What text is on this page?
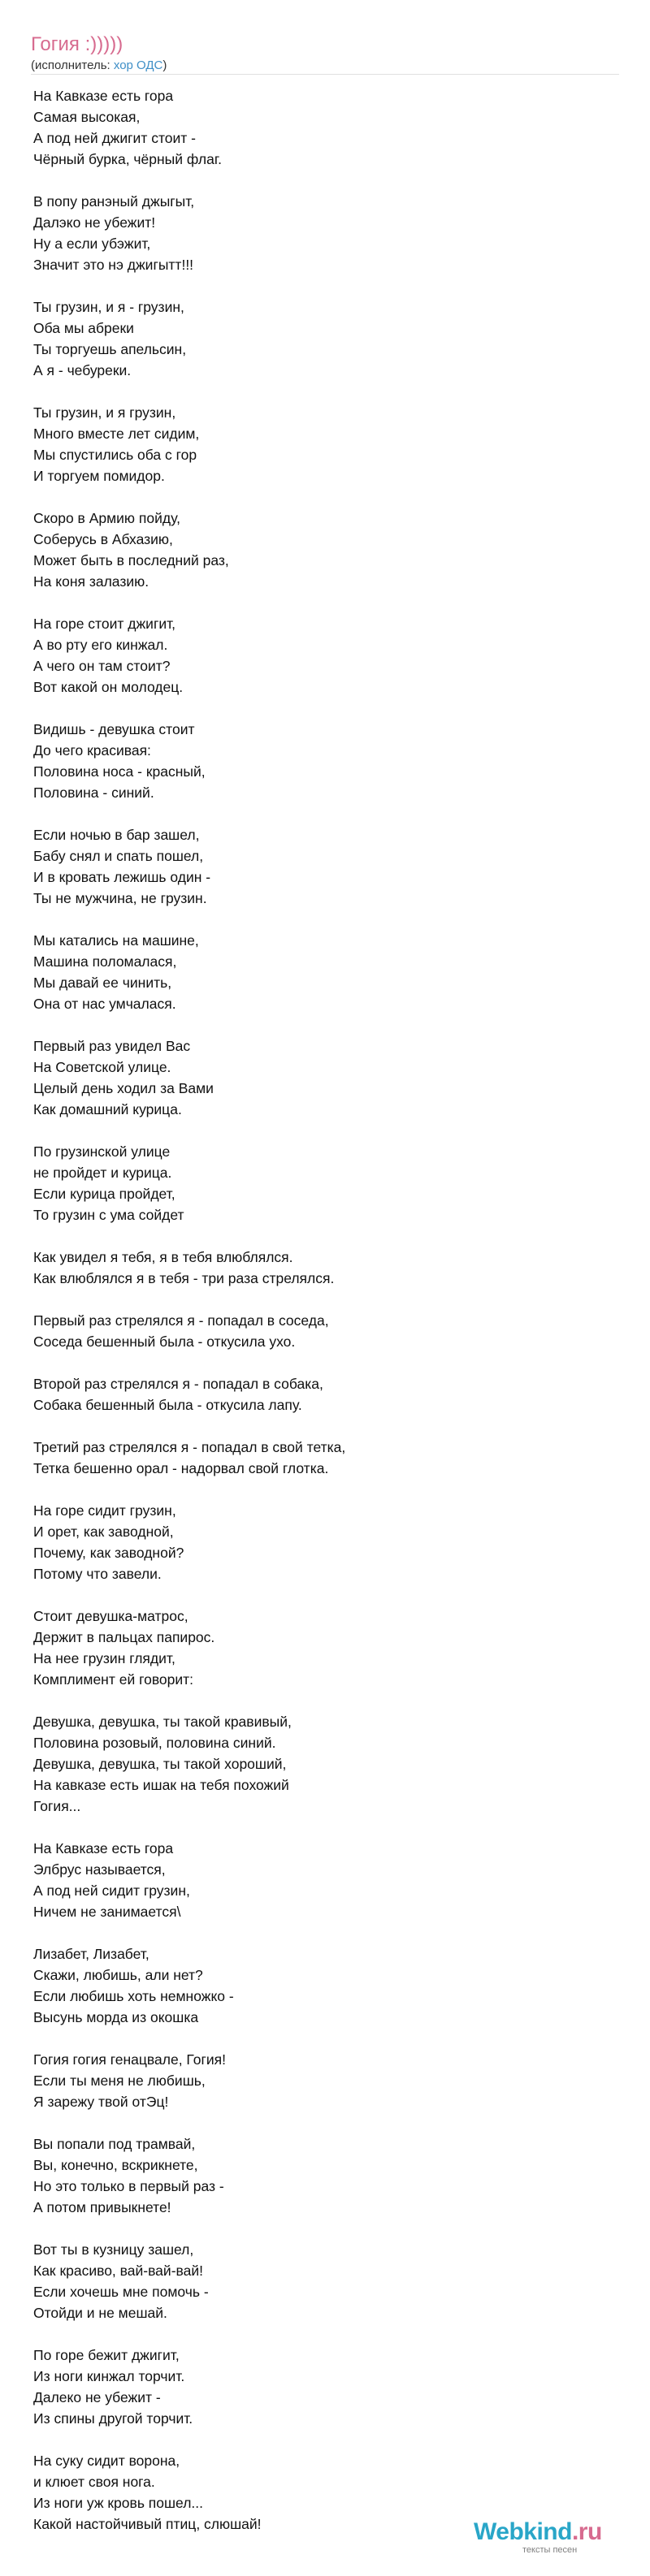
Гогия :)))))
(исполнитель: хор ОДС)
На Кавказе есть гора
Самая высокая,
А под ней джигит стоит -
Чёрный бурка, чёрный флаг.
В попу ранэный джыгыт,
Далэко не убежит!
Ну а если убэжит,
Значит это нэ джигытт!!!
Ты грузин, и я - грузин,
Оба мы абреки
Ты торгуешь апельсин,
А я - чебуреки.
Ты грузин, и я грузин,
Много вместе лет сидим,
Мы спустились оба с гор
И торгуем помидор.
Скоро в Армию пойду,
Соберусь в Абхазию,
Может быть в последний раз,
На коня залазию.
На горе стоит джигит,
А во рту его кинжал.
А чего он там стоит?
Вот какой он молодец.
Видишь - девушка стоит
До чего красивая:
Половина носа - красный,
Половина - синий.
Если ночью в бар зашел,
Бабу снял и спать пошел,
И в кровать лежишь один -
Ты не мужчина, не грузин.
Мы катались на машине,
Машина поломалася,
Мы давай ее чинить,
Она от нас умчалася.
Первый раз увидел Вас
На Советской улице.
Целый день ходил за Вами
Как домашний курица.
По грузинской улице
не пройдет и курица.
Если курица пройдет,
То грузин с ума сойдет
Как увидел я тебя, я в тебя влюблялся.
Как влюблялся я в тебя - три раза стрелялся.
Первый раз стрелялся я - попадал в соседа,
Соседа бешенный была - откусила ухо.
Второй раз стрелялся я - попадал в собака,
Собака бешенный была - откусила лапу.
Третий раз стрелялся я - попадал в свой тетка,
Тетка бешенно орал - надорвал свой глотка.
На горе сидит грузин,
И орет, как заводной,
Почему, как заводной?
Потому что завели.
Стоит девушка-матрос,
Держит в пальцах папирос.
На нее грузин глядит,
Комплимент ей говорит:
Девушка, девушка, ты такой кравивый,
Половина розовый, половина синий.
Девушка, девушка, ты такой хороший,
На кавказе есть ишак на тебя похожий
Гогия...
На Кавказе есть гора
Элбрус называется,
А под ней сидит грузин,
Ничем не занимается\
Лизабет, Лизабет,
Скажи, любишь, али нет?
Если любишь хоть немножко -
Высунь морда из окошка
Гогия гогия генацвале, Гогия!
Если ты меня не любишь,
Я зарежу твой отЭц!
Вы попали под трамвай,
Вы, конечно, вскрикнете,
Но это только в первый раз -
А потом привыкнете!
Вот ты в кузницу зашел,
Как красиво, вай-вай-вай!
Если хочешь мне помочь -
Отойди и не мешай.
По горе бежит джигит,
Из ноги кинжал торчит.
Далеко не убежит -
Из спины другой торчит.
На суку сидит ворона,
и клюет своя нога.
Из ноги уж кровь пошел...
Какой настойчивый птиц, слюшай!	Webkind.ru
тексты песен
